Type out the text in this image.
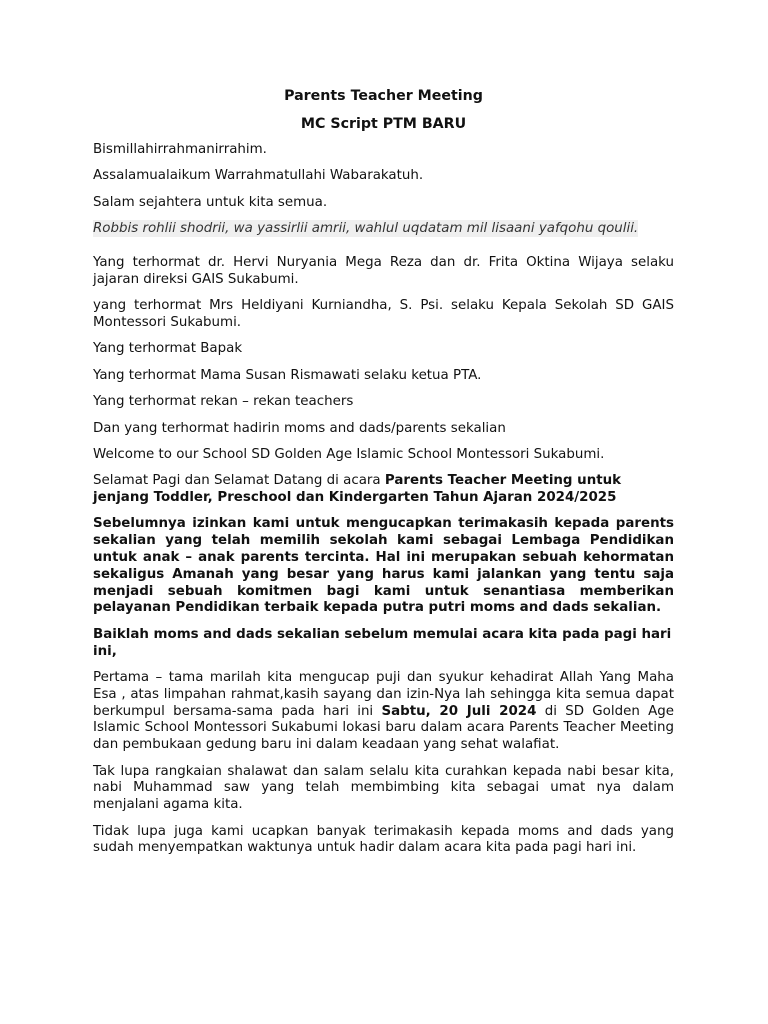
Parents Teacher Meeting
MC Script PTM BARU
Bismillahirrahmanirrahim.
Assalamualaikum Warrahmatullahi Wabarakatuh.
Salam sejahtera untuk kita semua.
Robbis rohlii shodrii, wa yassirlii amrii, wahlul uqdatam mil lisaani yafqohu qoulii.
Yang terhormat dr. Hervi Nuryania Mega Reza dan dr. Frita Oktina Wijaya selaku jajaran direksi GAIS Sukabumi.
yang terhormat Mrs Heldiyani Kurniandha, S. Psi. selaku Kepala Sekolah SD GAIS Montessori Sukabumi.
Yang terhormat Bapak
Yang terhormat Mama Susan Rismawati selaku ketua PTA.
Yang terhormat rekan – rekan teachers
Dan yang terhormat hadirin moms and dads/parents sekalian
Welcome to our School SD Golden Age Islamic School Montessori Sukabumi.
Selamat Pagi dan Selamat Datang di acara Parents Teacher Meeting untuk jenjang Toddler, Preschool dan Kindergarten Tahun Ajaran 2024/2025
Sebelumnya izinkan kami untuk mengucapkan terimakasih kepada parents sekalian yang telah memilih sekolah kami sebagai Lembaga Pendidikan untuk anak – anak parents tercinta. Hal ini merupakan sebuah kehormatan sekaligus Amanah yang besar yang harus kami jalankan yang tentu saja menjadi sebuah komitmen bagi kami untuk senantiasa memberikan pelayanan Pendidikan terbaik kepada putra putri moms and dads sekalian.
Baiklah moms and dads sekalian sebelum memulai acara kita pada pagi hari ini,
Pertama – tama marilah kita mengucap puji dan syukur kehadirat Allah Yang Maha Esa , atas limpahan rahmat,kasih sayang dan izin-Nya lah sehingga kita semua dapat berkumpul bersama-sama pada hari ini Sabtu, 20 Juli 2024 di SD Golden Age Islamic School Montessori Sukabumi lokasi baru dalam acara Parents Teacher Meeting dan pembukaan gedung baru ini dalam keadaan yang sehat walafiat.
Tak lupa rangkaian shalawat dan salam selalu kita curahkan kepada nabi besar kita, nabi Muhammad saw yang telah membimbing kita sebagai umat nya dalam menjalani agama kita.
Tidak lupa juga kami ucapkan banyak terimakasih kepada moms and dads yang sudah menyempatkan waktunya untuk hadir dalam acara kita pada pagi hari ini.
